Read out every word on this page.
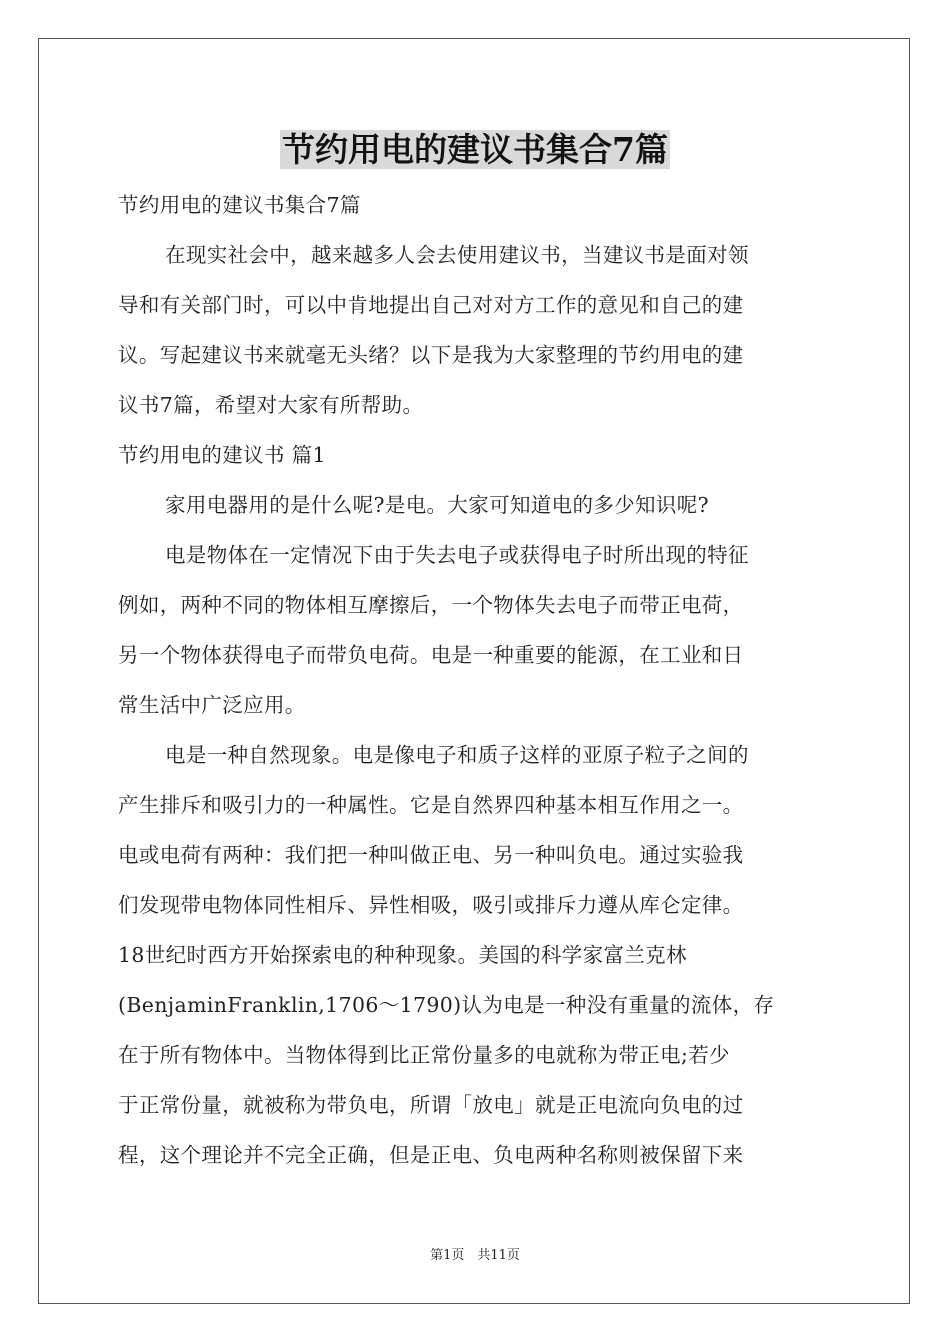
节约用电的建议书集合7篇
节约用电的建议书集合7篇
在现实社会中，越来越多人会去使用建议书，当建议书是面对领
导和有关部门时，可以中肯地提出自己对对方工作的意见和自己的建
议。写起建议书来就毫无头绪？以下是我为大家整理的节约用电的建
议书7篇，希望对大家有所帮助。
节约用电的建议书 篇1
家用电器用的是什么呢?是电。大家可知道电的多少知识呢?
电是物体在一定情况下由于失去电子或获得电子时所出现的特征
例如，两种不同的物体相互摩擦后，一个物体失去电子而带正电荷，
另一个物体获得电子而带负电荷。电是一种重要的能源，在工业和日
常生活中广泛应用。
电是一种自然现象。电是像电子和质子这样的亚原子粒子之间的
产生排斥和吸引力的一种属性。它是自然界四种基本相互作用之一。
电或电荷有两种：我们把一种叫做正电、另一种叫负电。通过实验我
们发现带电物体同性相斥、异性相吸，吸引或排斥力遵从库仑定律。
18世纪时西方开始探索电的种种现象。美国的科学家富兰克林
(BenjaminFranklin,1706～1790)认为电是一种没有重量的流体，存
在于所有物体中。当物体得到比正常份量多的电就称为带正电;若少
于正常份量，就被称为带负电，所谓「放电」就是正电流向负电的过
程，这个理论并不完全正确，但是正电、负电两种名称则被保留下来
第1页　共11页
